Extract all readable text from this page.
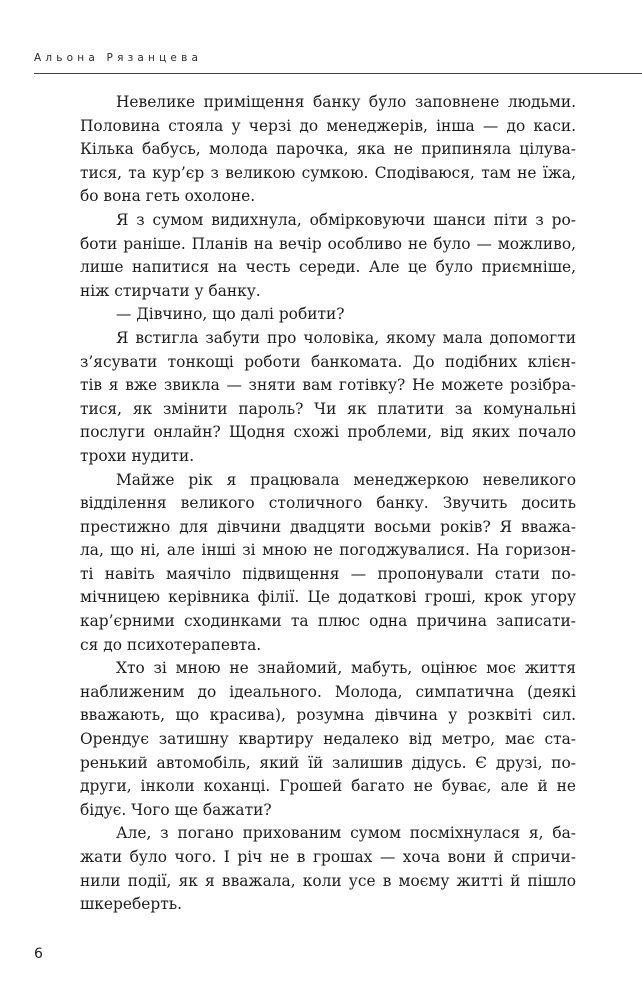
Альона Рязанцева
Невелике приміщення банку було заповнене людьми.
Половина стояла у черзі до менеджерів, інша — до каси.
Кілька бабусь, молода парочка, яка не припиняла цілува-
тися, та кур’єр з великою сумкою. Сподіваюся, там не їжа,
бо вона геть охолоне.
Я з сумом видихнула, обмірковуючи шанси піти з ро-
боти раніше. Планів на вечір особливо не було — можливо,
лише напитися на честь середи. Але це було приємніше,
ніж стирчати у банку.
— Дівчино, що далі робити?
Я встигла забути про чоловіка, якому мала допомогти
з’ясувати тонкощі роботи банкомата. До подібних клієн-
тів я вже звикла — зняти вам готівку? Не можете розібра-
тися, як змінити пароль? Чи як платити за комунальні
послуги онлайн? Щодня схожі проблеми, від яких почало
трохи нудити.
Майже рік я працювала менеджеркою невеликого
відділення великого столичного банку. Звучить досить
престижно для дівчини двадцяти восьми років? Я вважа-
ла, що ні, але інші зі мною не погоджувалися. На горизон-
ті навіть маячіло підвищення — пропонували стати по-
мічницею керівника філії. Це додаткові гроші, крок угору
кар’єрними сходинками та плюс одна причина записати-
ся до психотерапевта.
Хто зі мною не знайомий, мабуть, оцінює моє життя
наближеним до ідеального. Молода, симпатична (деякі
вважають, що красива), розумна дівчина у розквіті сил.
Орендує затишну квартиру недалеко від метро, має ста-
ренький автомобіль, який їй залишив дідусь. Є друзі, по-
други, інколи коханці. Грошей багато не буває, але й не
бідує. Чого ще бажати?
Але, з погано прихованим сумом посміхнулася я, ба-
жати було чого. І річ не в грошах — хоча вони й спричи-
нили події, як я вважала, коли усе в моєму житті й пішло
шкереберть.
6
